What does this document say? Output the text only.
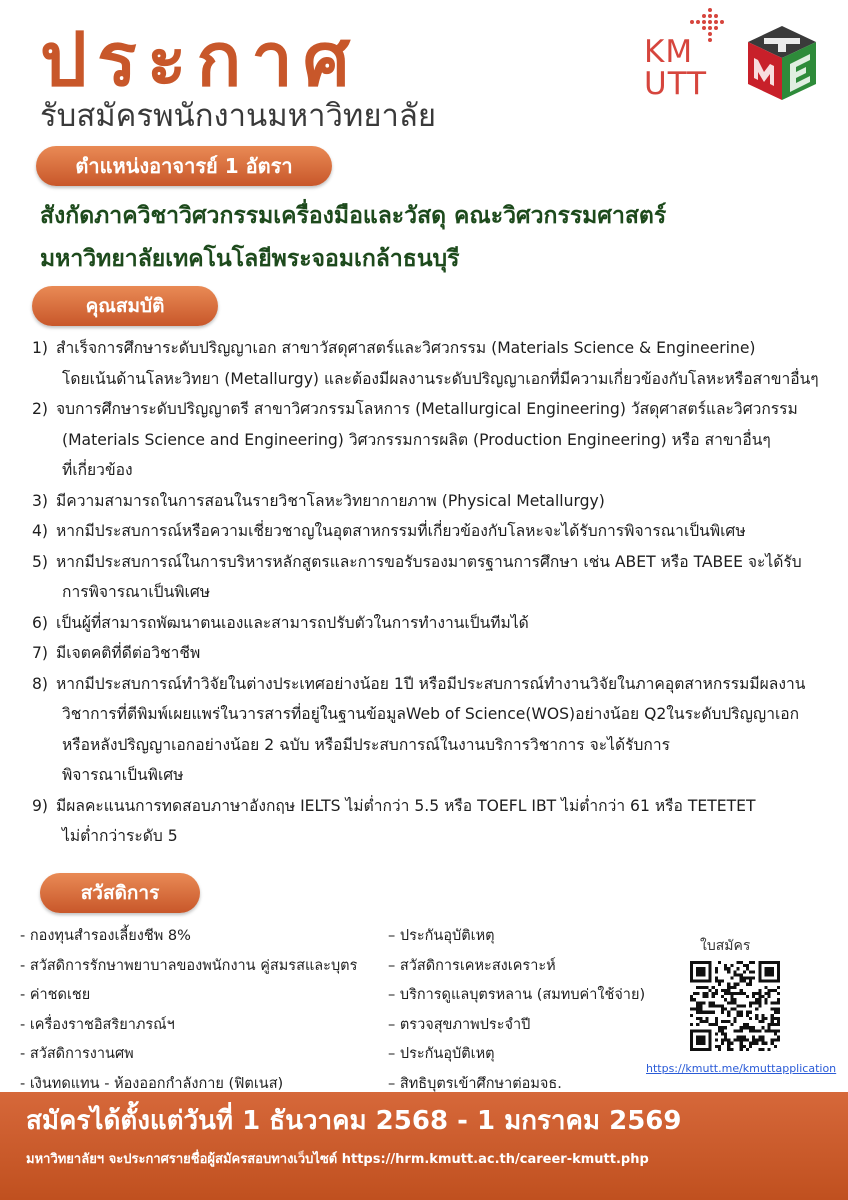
ประกาศ
รับสมัครพนักงานมหาวิทยาลัย
KM
UTT
ตำแหน่งอาจารย์ 1 อัตรา
สังกัดภาควิชาวิศวกรรมเครื่องมือและวัสดุ คณะวิศวกรรมศาสตร์
มหาวิทยาลัยเทคโนโลยีพระจอมเกล้าธนบุรี
คุณสมบัติ
1) สำเร็จการศึกษาระดับปริญญาเอก สาขาวัสดุศาสตร์และวิศวกรรม (Materials Science & Engineerine)
โดยเน้นด้านโลหะวิทยา (Metallurgy) และต้องมีผลงานระดับปริญญาเอกที่มีความเกี่ยวข้องกับโลหะหรือสาขาอื่นๆ
2) จบการศึกษาระดับปริญญาตรี สาขาวิศวกรรมโลหการ (Metallurgical Engineering) วัสดุศาสตร์และวิศวกรรม
(Materials Science and Engineering) วิศวกรรมการผลิต (Production Engineering) หรือ สาขาอื่นๆ
ที่เกี่ยวข้อง
3) มีความสามารถในการสอนในรายวิชาโลหะวิทยากายภาพ (Physical Metallurgy)
4) หากมีประสบการณ์หรือความเชี่ยวชาญในอุตสาหกรรมที่เกี่ยวข้องกับโลหะจะได้รับการพิจารณาเป็นพิเศษ
5) หากมีประสบการณ์ในการบริหารหลักสูตรและการขอรับรองมาตรฐานการศึกษา เช่น ABET หรือ TABEE จะได้รับ
การพิจารณาเป็นพิเศษ
6) เป็นผู้ที่สามารถพัฒนาตนเองและสามารถปรับตัวในการทำงานเป็นทีมได้
7) มีเจตคติที่ดีต่อวิชาชีพ
8) หากมีประสบการณ์ทำวิจัยในต่างประเทศอย่างน้อย 1ปี หรือมีประสบการณ์ทำงานวิจัยในภาคอุตสาหกรรมมีผลงาน
วิชาการที่ตีพิมพ์เผยแพร่ในวารสารที่อยู่ในฐานข้อมูลWeb of Science(WOS)อย่างน้อย Q2ในระดับปริญญาเอก
หรือหลังปริญญาเอกอย่างน้อย 2 ฉบับ หรือมีประสบการณ์ในงานบริการวิชาการ จะได้รับการ
พิจารณาเป็นพิเศษ
9) มีผลคะแนนการทดสอบภาษาอังกฤษ IELTS ไม่ต่ำกว่า 5.5 หรือ TOEFL IBT ไม่ต่ำกว่า 61 หรือ TETETET
ไม่ต่ำกว่าระดับ 5
สวัสดิการ
- กองทุนสำรองเลี้ยงชีพ 8%
- สวัสดิการรักษาพยาบาลของพนักงาน คู่สมรสและบุตร
- ค่าชดเชย
- เครื่องราชอิสริยาภรณ์ฯ
- สวัสดิการงานศพ
- เงินทดแทน - ห้องออกกำลังกาย (ฟิตเนส)
– ประกันอุบัติเหตุ
– สวัสดิการเคหะสงเคราะห์
– บริการดูแลบุตรหลาน (สมทบค่าใช้จ่าย)
– ตรวจสุขภาพประจำปี
– ประกันอุบัติเหตุ
– สิทธิบุตรเข้าศึกษาต่อมจธ.
ใบสมัคร
https://kmutt.me/kmuttapplication
สมัครได้ตั้งแต่วันที่ 1 ธันวาคม 2568 - 1 มกราคม 2569
มหาวิทยาลัยฯ จะประกาศรายชื่อผู้สมัครสอบทางเว็บไซต์ https://hrm.kmutt.ac.th/career-kmutt.php
